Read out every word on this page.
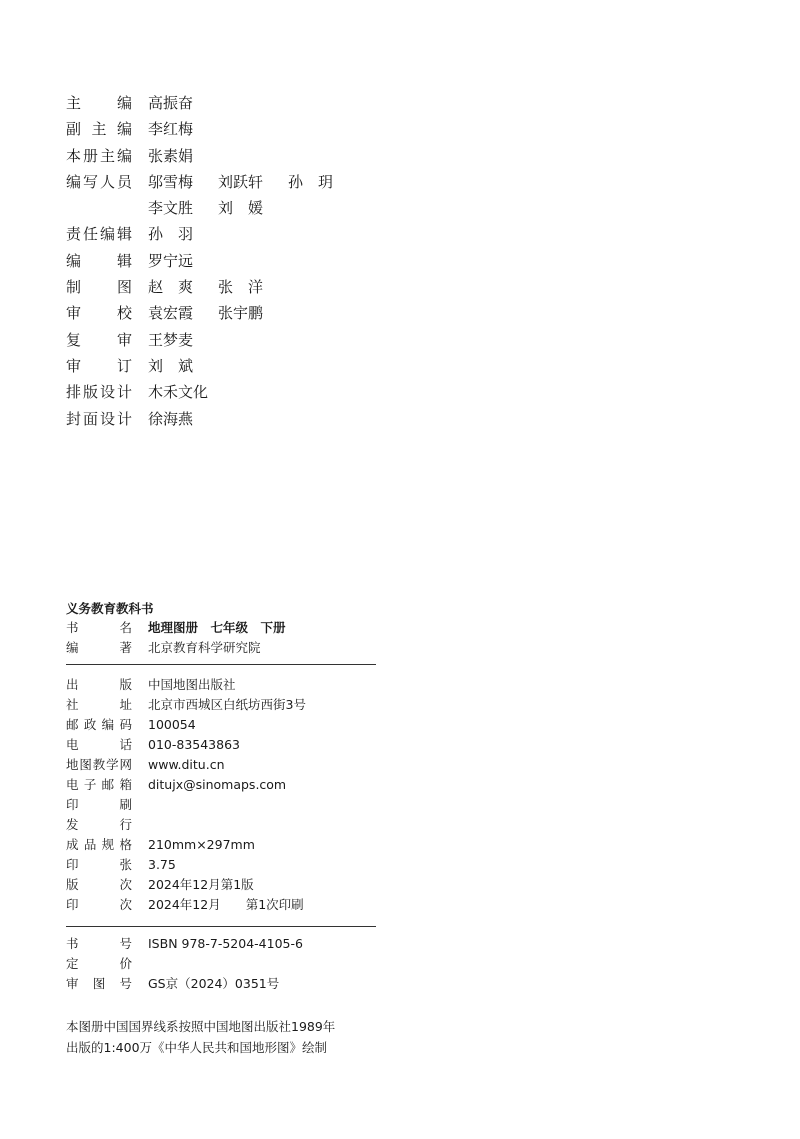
主　编 高振奋
副主编 李红梅
本册主编 张素娟
编写人员 邬雪梅 刘跃轩 孙　玥
李文胜 刘　媛
责任编辑 孙　羽
编　辑 罗宁远
制　图 赵　爽 张　洋
审　校 袁宏霞 张宇鹏
复　审 王梦麦
审　订 刘　斌
排版设计 木禾文化
封面设计 徐海燕
义务教育教科书
书　名 地理图册　七年级　下册
编　著 北京教育科学研究院
出　版 中国地图出版社
社　址 北京市西城区白纸坊西街3号
邮政编码 100054
电　话 010-83543863
地图教学网 www.ditu.cn
电子邮箱 ditujx@sinomaps.com
印　刷
发　行
成品规格 210mm×297mm
印　张 3.75
版　次 2024年12月第1版
印　次 2024年12月　　第1次印刷
书　号 ISBN 978-7-5204-4105-6
定　价
审图号 GS京（2024）0351号
本图册中国国界线系按照中国地图出版社1989年
出版的1:400万《中华人民共和国地形图》绘制
